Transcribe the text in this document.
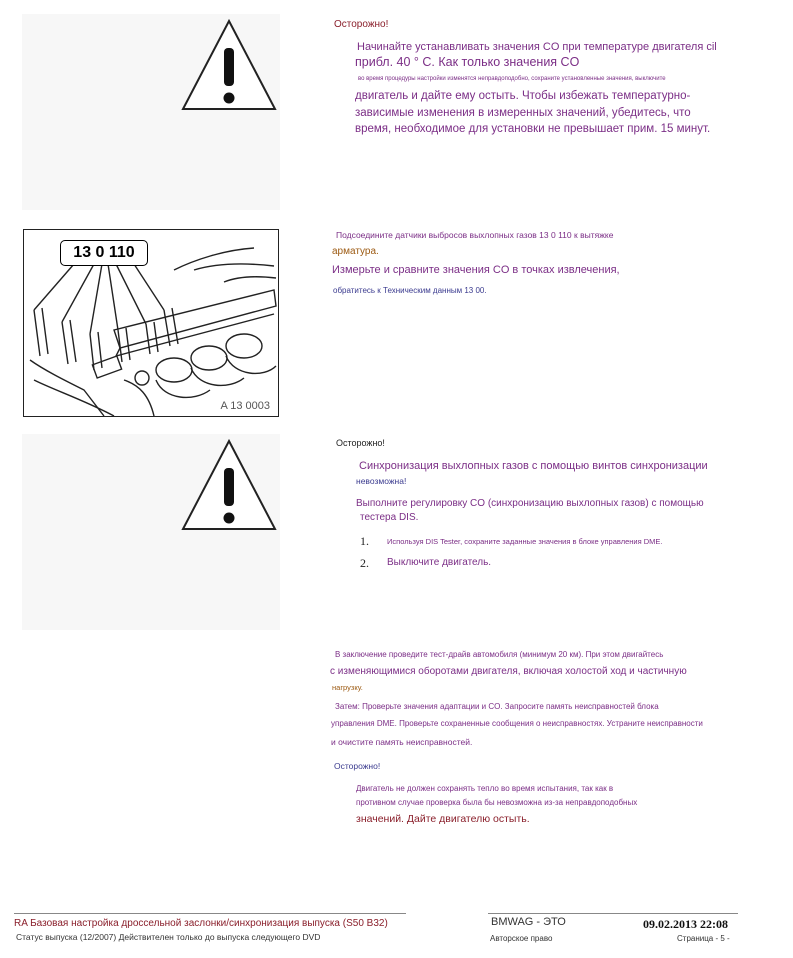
Осторожно!
Начинайте устанавливать значения CO при температуре двигателя cil
прибл. 40 ° C. Как только значения CO
во время процедуры настройки изменятся неправдоподобно, сохраните установленные значения, выключите
двигатель и дайте ему остыть. Чтобы избежать температурно-
зависимые изменения в измеренных значений, убедитесь, что
время, необходимое для установки не превышает прим. 15 минут.
13 0 110
A 13 0003
Подсоедините датчики выбросов выхлопных газов 13 0 110 к вытяжке
арматура.
Измерьте и сравните значения CO в точках извлечения,
обратитесь к Техническим данным 13 00.
Осторожно!
Синхронизация выхлопных газов с помощью винтов синхронизации
невозможна!
Выполните регулировку CO (синхронизацию выхлопных газов) с помощью
тестера DIS.
1. Используя DIS Tester, сохраните заданные значения в блоке управления DME.
2. Выключите двигатель.
В заключение проведите тест-драйв автомобиля (минимум 20 км). При этом двигайтесь
с изменяющимися оборотами двигателя, включая холостой ход и частичную
нагрузку.
Затем: Проверьте значения адаптации и CO. Запросите память неисправностей блока
управления DME. Проверьте сохраненные сообщения о неисправностях. Устраните неисправности
и очистите память неисправностей.
Осторожно!
Двигатель не должен сохранять тепло во время испытания, так как в
противном случае проверка была бы невозможна из-за неправдоподобных
значений. Дайте двигателю остыть.
RA Базовая настройка дроссельной заслонки/синхронизация выпуска (S50 B32)
Статус выпуска (12/2007) Действителен только до выпуска следующего DVD
BMWAG - ЭТО
Авторское право
09.02.2013 22:08
Страница - 5 -
